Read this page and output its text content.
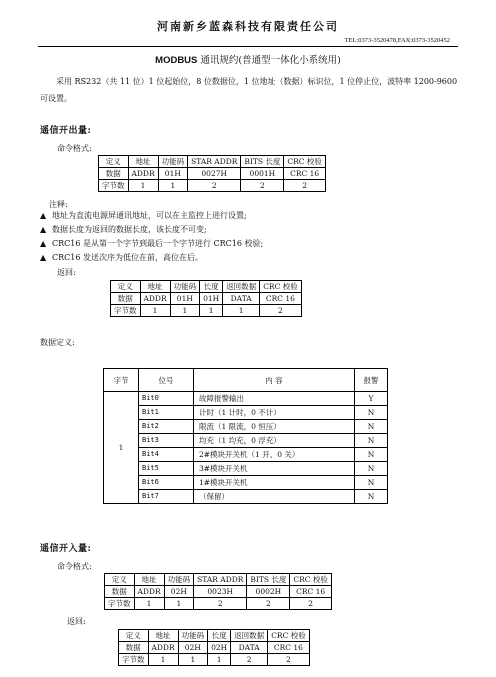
河南新乡蓝森科技有限责任公司
TEL:0373-3520478,FAX:0373-3520452
MODBUS 通讯规约(普通型一体化小系统用)
采用 RS232（共 11 位）1 位起始位，8 位数据位，1 位地址（数据）标识位，1 位停止位，波特率 1200-9600 可设置。
遥信开出量:
命令格式:
定义	地址	功能码	STAR ADDR	BITS 长度	CRC 校验
数据	ADDR	01H	0027H	0001H	CRC 16
字节数	1	1	2	2	2
注释:
▲ 地址为直流电源屏通讯地址，可以在主监控上进行设置;
▲ 数据长度为返回的数据长度，该长度不可变;
▲ CRC16 是从第一个字节到最后一个字节进行 CRC16 校验;
▲ CRC16 发送次序为低位在前，高位在后。
返回:
定义	地址	功能码	长度	返回数据	CRC 校验
数据	ADDR	01H	01H	DATA	CRC 16
字节数	1	1	1	1	2
数据定义:
字节	位号	内 容	报警
1	Bit0	故障报警输出	Y
	Bit1	计时（1 计时，0 不计）	N
	Bit2	限流（1 限流，0 恒压）	N
	Bit3	均充（1 均充，0 浮充）	N
	Bit4	2#模块开关机（1 开、0 关）	N
	Bit5	3#模块开关机	N
	Bit6	1#模块开关机	N
	Bit7	（保留）	N
遥信开入量:
命令格式:
定义	地址	功能码	STAR ADDR	BITS 长度	CRC 校验
数据	ADDR	02H	0023H	0002H	CRC 16
字节数	1	1	2	2	2
返回:
定义	地址	功能码	长度	返回数据	CRC 校验
数据	ADDR	02H	02H	DATA	CRC 16
字节数	1	1	1	2	2
